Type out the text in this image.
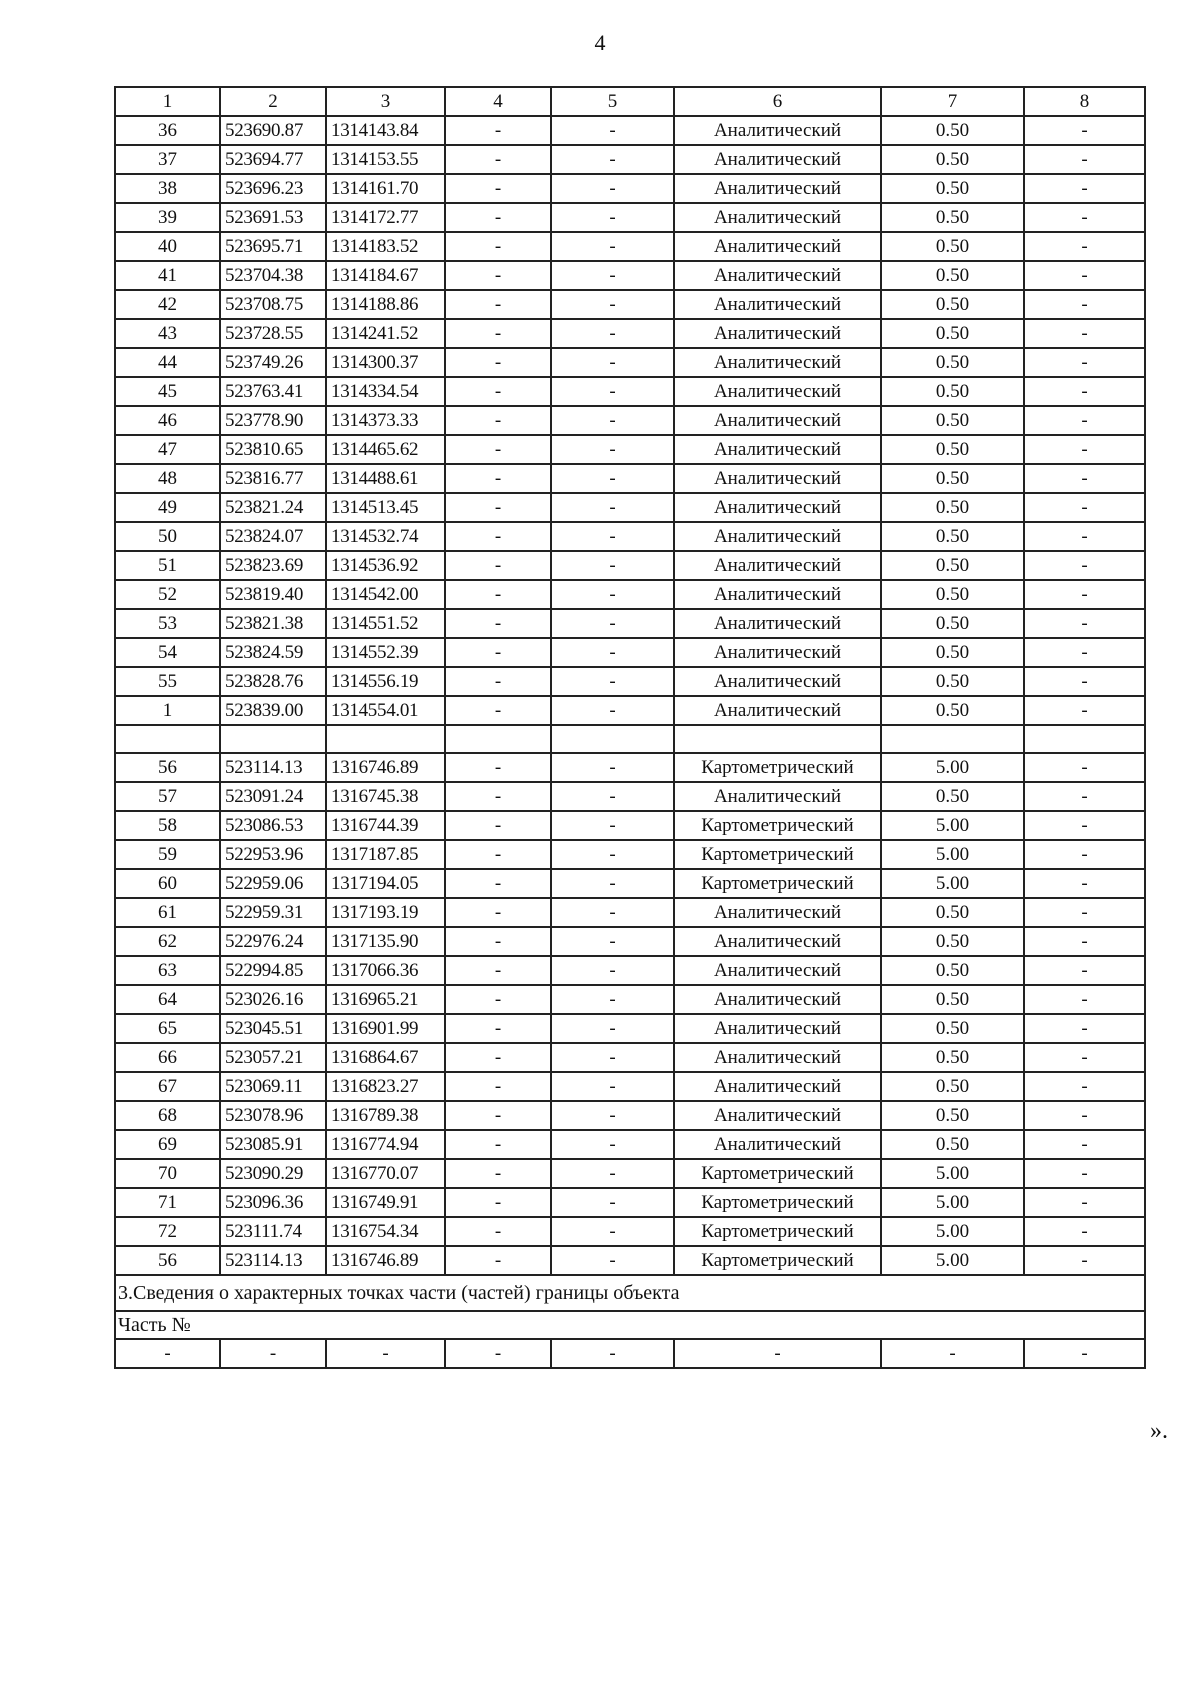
4
1	2	3	4	5	6	7	8
36	523690.87	1314143.84	-	-	Аналитический	0.50	-
37	523694.77	1314153.55	-	-	Аналитический	0.50	-
38	523696.23	1314161.70	-	-	Аналитический	0.50	-
39	523691.53	1314172.77	-	-	Аналитический	0.50	-
40	523695.71	1314183.52	-	-	Аналитический	0.50	-
41	523704.38	1314184.67	-	-	Аналитический	0.50	-
42	523708.75	1314188.86	-	-	Аналитический	0.50	-
43	523728.55	1314241.52	-	-	Аналитический	0.50	-
44	523749.26	1314300.37	-	-	Аналитический	0.50	-
45	523763.41	1314334.54	-	-	Аналитический	0.50	-
46	523778.90	1314373.33	-	-	Аналитический	0.50	-
47	523810.65	1314465.62	-	-	Аналитический	0.50	-
48	523816.77	1314488.61	-	-	Аналитический	0.50	-
49	523821.24	1314513.45	-	-	Аналитический	0.50	-
50	523824.07	1314532.74	-	-	Аналитический	0.50	-
51	523823.69	1314536.92	-	-	Аналитический	0.50	-
52	523819.40	1314542.00	-	-	Аналитический	0.50	-
53	523821.38	1314551.52	-	-	Аналитический	0.50	-
54	523824.59	1314552.39	-	-	Аналитический	0.50	-
55	523828.76	1314556.19	-	-	Аналитический	0.50	-
1	523839.00	1314554.01	-	-	Аналитический	0.50	-

56	523114.13	1316746.89	-	-	Картометрический	5.00	-
57	523091.24	1316745.38	-	-	Аналитический	0.50	-
58	523086.53	1316744.39	-	-	Картометрический	5.00	-
59	522953.96	1317187.85	-	-	Картометрический	5.00	-
60	522959.06	1317194.05	-	-	Картометрический	5.00	-
61	522959.31	1317193.19	-	-	Аналитический	0.50	-
62	522976.24	1317135.90	-	-	Аналитический	0.50	-
63	522994.85	1317066.36	-	-	Аналитический	0.50	-
64	523026.16	1316965.21	-	-	Аналитический	0.50	-
65	523045.51	1316901.99	-	-	Аналитический	0.50	-
66	523057.21	1316864.67	-	-	Аналитический	0.50	-
67	523069.11	1316823.27	-	-	Аналитический	0.50	-
68	523078.96	1316789.38	-	-	Аналитический	0.50	-
69	523085.91	1316774.94	-	-	Аналитический	0.50	-
70	523090.29	1316770.07	-	-	Картометрический	5.00	-
71	523096.36	1316749.91	-	-	Картометрический	5.00	-
72	523111.74	1316754.34	-	-	Картометрический	5.00	-
56	523114.13	1316746.89	-	-	Картометрический	5.00	-
3.Сведения о характерных точках части (частей) границы объекта							
Часть №							
-	-	-	-	-	-	-	-
».
